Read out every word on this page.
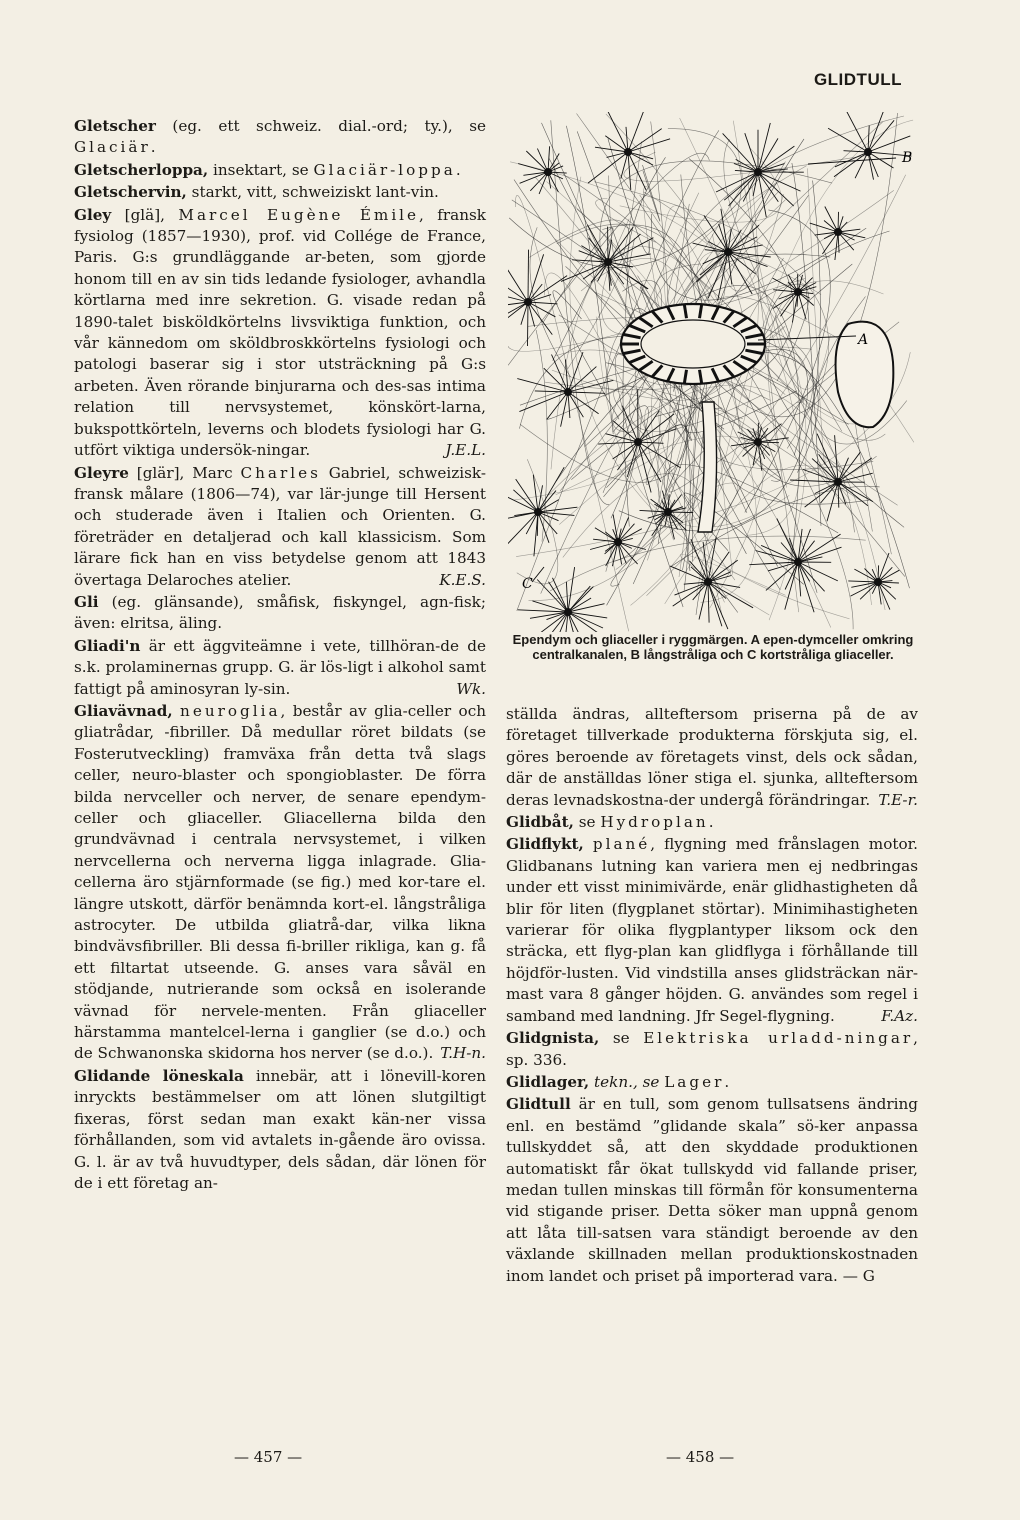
GLIDTULL

Gletscher (eg. ett schweiz. dial.-ord; ty.), se Glaciär.

Gletscherloppa, insektart, se Glaciär-loppa.

Gletschervin, starkt, vitt, schweiziskt lant-vin.

Gley [glä], Marcel Eugène Émile, fransk fysiolog (1857—1930), prof. vid Collége de France, Paris. G:s grundläggande ar-beten, som gjorde honom till en av sin tids ledande fysiologer, avhandla körtlarna med inre sekretion. G. visade redan på 1890-talet bisköldkörtelns livsviktiga funktion, och vår kännedom om sköldbroskkörtelns fysiologi och patologi baserar sig i stor utsträckning på G:s arbeten. Även rörande binjurarna och des-sas intima relation till nervsystemet, könskört-larna, bukspottkörteln, leverns och blodets fysiologi har G. utfört viktiga undersök-ningar.	J.E.L.

Gleyre [glär], Marc Charles Gabriel, schweizisk-fransk målare (1806—74), var lär-junge till Hersent och studerade även i Italien och Orienten. G. företräder en detaljerad och kall klassicism. Som lärare fick han en viss betydelse genom att 1843 övertaga Delaroches atelier.	K.E.S.

Gli (eg. glänsande), småfisk, fiskyngel, agn-fisk; även: elritsa, äling.

Gliadi'n är ett äggviteämne i vete, tillhöran-de de s.k. prolaminernas grupp. G. är lös-ligt i alkohol samt fattigt på aminosyran ly-sin.	Wk.

Gliavävnad, neuroglia, består av glia-celler och gliatrådar, -fibriller. Då medullar röret bildats (se Fosterutveckling) framväxa från detta två slags celler, neuro-blaster och spongioblaster. De förra bilda nervceller och nerver, de senare ependym-celler och gliaceller. Gliacellerna bilda den grundvävnad i centrala nervsystemet, i vilken nervcellerna och nerverna ligga inlagrade. Glia-cellerna äro stjärnformade (se fig.) med kor-tare el. längre utskott, därför benämnda kort-el. långstråliga astrocyter. De utbilda gliatrå-dar, vilka likna bindvävsfibriller. Bli dessa fi-briller rikliga, kan g. få ett filtartat utseende. G. anses vara såväl en stödjande, nutrierande som också en isolerande vävnad för nervele-menten. Från gliaceller härstamma mantelcel-lerna i ganglier (se d.o.) och de Schwanonska skidorna hos nerver (se d.o.). T.H-n.

Glidande löneskala innebär, att i lönevill-koren inryckts bestämmelser om att lönen slutgiltigt fixeras, först sedan man exakt kän-ner vissa förhållanden, som vid avtalets in-gående äro ovissa. G. l. är av två huvudtyper, dels sådan, där lönen för de i ett företag an-

B
A
C
Ependym och gliaceller i ryggmärgen. A epen-dymceller omkring centralkanalen, B långstråliga och C kortstråliga gliaceller.

ställda ändras, allteftersom priserna på de av företaget tillverkade produkterna förskjuta sig, el. göres beroende av företagets vinst, dels ock sådan, där de anställdas löner stiga el. sjunka, allteftersom deras levnadskostna-der undergå förändringar. T.E-r.

Glidbåt, se Hydroplan.

Glidflykt, plané, flygning med frånslagen motor. Glidbanans lutning kan variera men ej nedbringas under ett visst minimivärde, enär glidhastigheten då blir för liten (flygplanet störtar). Minimihastigheten varierar för olika flygplantyper liksom ock den sträcka, ett flyg-plan kan glidflyga i förhållande till höjdför-lusten. Vid vindstilla anses glidsträckan när-mast vara 8 gånger höjden. G. användes som regel i samband med landning. Jfr Segel-flygning.	F.Az.

Glidgnista, se Elektriska urladd-ningar, sp. 336.

Glidlager, tekn., se Lager.

Glidtull är en tull, som genom tullsatsens ändring enl. en bestämd ”glidande skala” sö-ker anpassa tullskyddet så, att den skyddade produktionen automatiskt får ökat tullskydd vid fallande priser, medan tullen minskas till förmån för konsumenterna vid stigande priser. Detta söker man uppnå genom att låta till-satsen vara ständigt beroende av den växlande skillnaden mellan produktionskostnaden inom landet och priset på importerad vara. — G

— 457 —	— 458 —
